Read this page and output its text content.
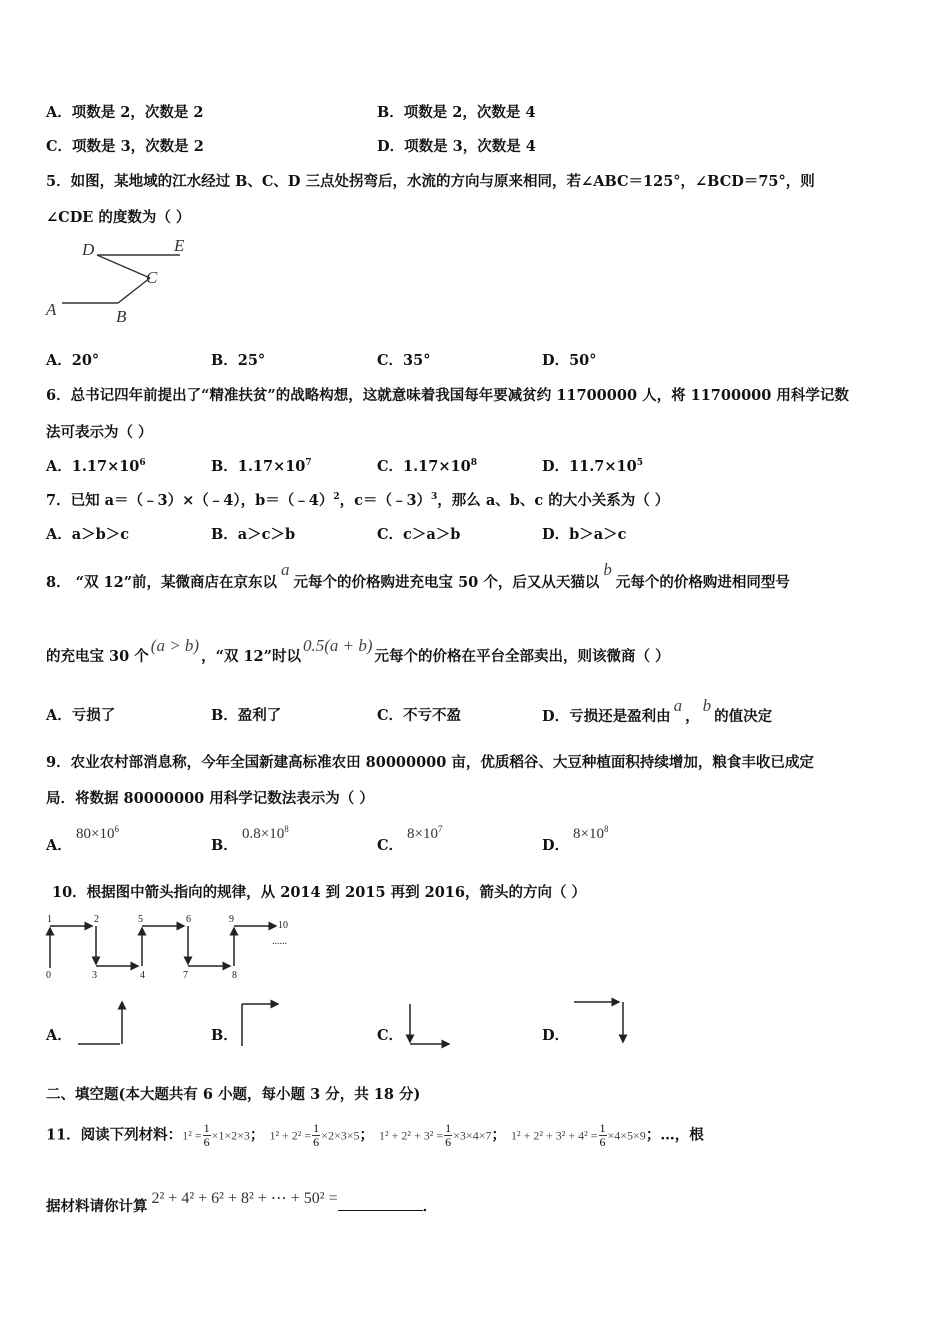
A．项数是 2，次数是 2	B．项数是 2，次数是 4
C．项数是 3，次数是 2	D．项数是 3，次数是 4
5．如图，某地域的江水经过 B、C、D 三点处拐弯后，水流的方向与原来相同，若∠ABC＝125°，∠BCD＝75°，则
∠CDE 的度数为（ ）
D	E
C
A	B
A．20°	B．25°	C．35°	D．50°
6．总书记四年前提出了“精准扶贫”的战略构想，这就意味着我国每年要减贫约 11700000 人，将 11700000 用科学记数
法可表示为（ ）
A．$1.17\times 10^6$	B．$1.17\times 10^7$	C．$1.17\times 10^8$	D．$11.7\times 10^5$
7．已知 a＝（﹣3）×（﹣4），b＝（﹣4）$^2$，c＝（﹣3）$^3$，那么 a、b、c 的大小关系为（ ）
A．a＞b＞c	B．a＞c＞b	C．c＞a＞b	D．b＞a＞c
8． “双 12”前，某微商店在京东以a元每个的价格购进充电宝 50 个，后又从天猫以b元每个的价格购进相同型号
的充电宝 30 个(a > b)，“双 12”时以0.5(a + b)元每个的价格在平台全部卖出，则该微商（ ）
A．亏损了	B．盈利了	C．不亏不盈	D．亏损还是盈利由a，b的值决定
9．农业农村部消息称，今年全国新建高标准农田 80000000 亩，优质稻谷、大豆种植面积持续增加，粮食丰收已成定
局．将数据 80000000 用科学记数法表示为（ ）
A．
$80\times 10^6$
B．
$0.8\times 10^8$
C．
$8\times 10^7$
D．
$8\times 10^8$
10．根据图中箭头指向的规律，从 2014 到 2015 再到 2016，箭头的方向（ ）
0
1	2
3	4
5	6
7	8
9
10
......
A．	B．	C．	D．
二、填空题(本大题共有 6 小题，每小题 3 分，共 18 分)
11．阅读下列材料：$1^2 = \frac{1}{6} \times 1\times 2\times 3$； $1^2 + 2^2 = \frac{1}{6} \times 2\times 3\times 5$； $1^2 + 2^2 + 3^2 = \frac{1}{6} \times 3\times 4\times 7$； $1^2 + 2^2 + 3^2 + 4^2 = \frac{1}{6} \times 4\times 5\times 9$；…，根
据材料请你计算 2² + 4² + 6² + 8² + ⋯ + 50² =	．
